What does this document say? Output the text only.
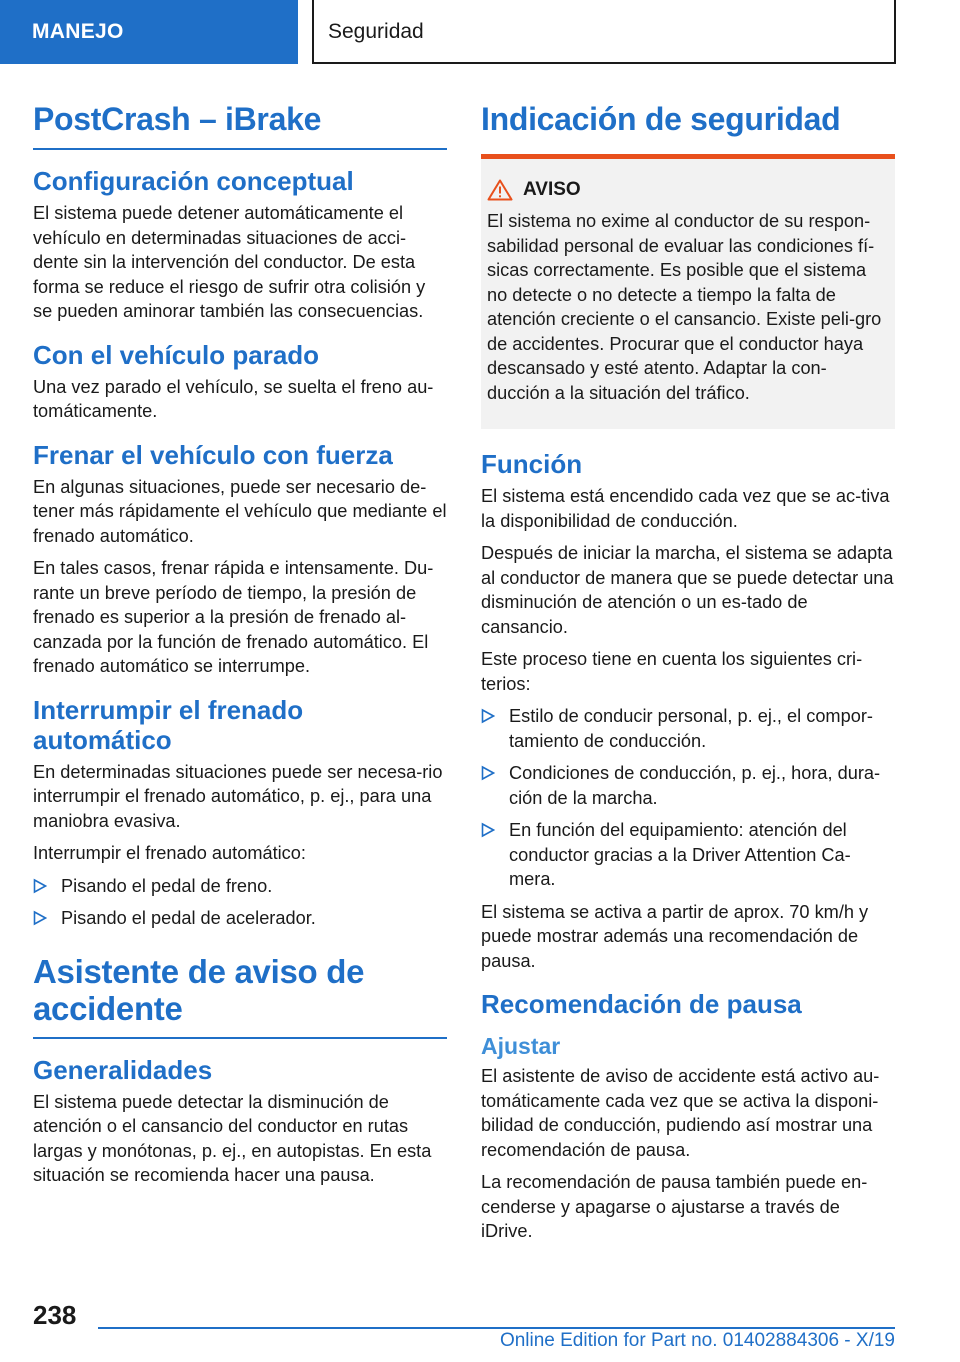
MANEJO	Seguridad
PostCrash – iBrake
Configuración conceptual

El sistema puede detener automáticamente el vehículo en determinadas situaciones de acci-dente sin la intervención del conductor. De esta forma se reduce el riesgo de sufrir otra colisión y se pueden aminorar también las consecuencias.

Con el vehículo parado

Una vez parado el vehículo, se suelta el freno au-tomáticamente.

Frenar el vehículo con fuerza

En algunas situaciones, puede ser necesario de-tener más rápidamente el vehículo que mediante el frenado automático.

En tales casos, frenar rápida e intensamente. Du-rante un breve período de tiempo, la presión de frenado es superior a la presión de frenado al-canzada por la función de frenado automático. El frenado automático se interrumpe.

Interrumpir el frenado automático

En determinadas situaciones puede ser necesa-rio interrumpir el frenado automático, p. ej., para una maniobra evasiva.

Interrumpir el frenado automático:

Pisando el pedal de freno.
Pisando el pedal de acelerador.
Asistente de aviso de accidente
Generalidades

El sistema puede detectar la disminución de atención o el cansancio del conductor en rutas largas y monótonas, p. ej., en autopistas. En esta situación se recomienda hacer una pausa.

Indicación de seguridad
AVISO

El sistema no exime al conductor de su respon-sabilidad personal de evaluar las condiciones fí-sicas correctamente. Es posible que el sistema no detecte o no detecte a tiempo la falta de atención creciente o el cansancio. Existe peli-gro de accidentes. Procurar que el conductor haya descansado y esté atento. Adaptar la con-ducción a la situación del tráfico.

Función

El sistema está encendido cada vez que se ac-tiva la disponibilidad de conducción.

Después de iniciar la marcha, el sistema se adapta al conductor de manera que se puede detectar una disminución de atención o un es-tado de cansancio.

Este proceso tiene en cuenta los siguientes cri-terios:

Estilo de conducir personal, p. ej., el compor-tamiento de conducción.
Condiciones de conducción, p. ej., hora, dura-ción de la marcha.
En función del equipamiento: atención del conductor gracias a la Driver Attention Ca-mera.

El sistema se activa a partir de aprox. 70 km/h y puede mostrar además una recomendación de pausa.

Recomendación de pausa
Ajustar

El asistente de aviso de accidente está activo au-tomáticamente cada vez que se activa la disponi-bilidad de conducción, pudiendo así mostrar una recomendación de pausa.

La recomendación de pausa también puede en-cenderse y apagarse o ajustarse a través de iDrive.

238
Online Edition for Part no. 01402884306 - X/19
